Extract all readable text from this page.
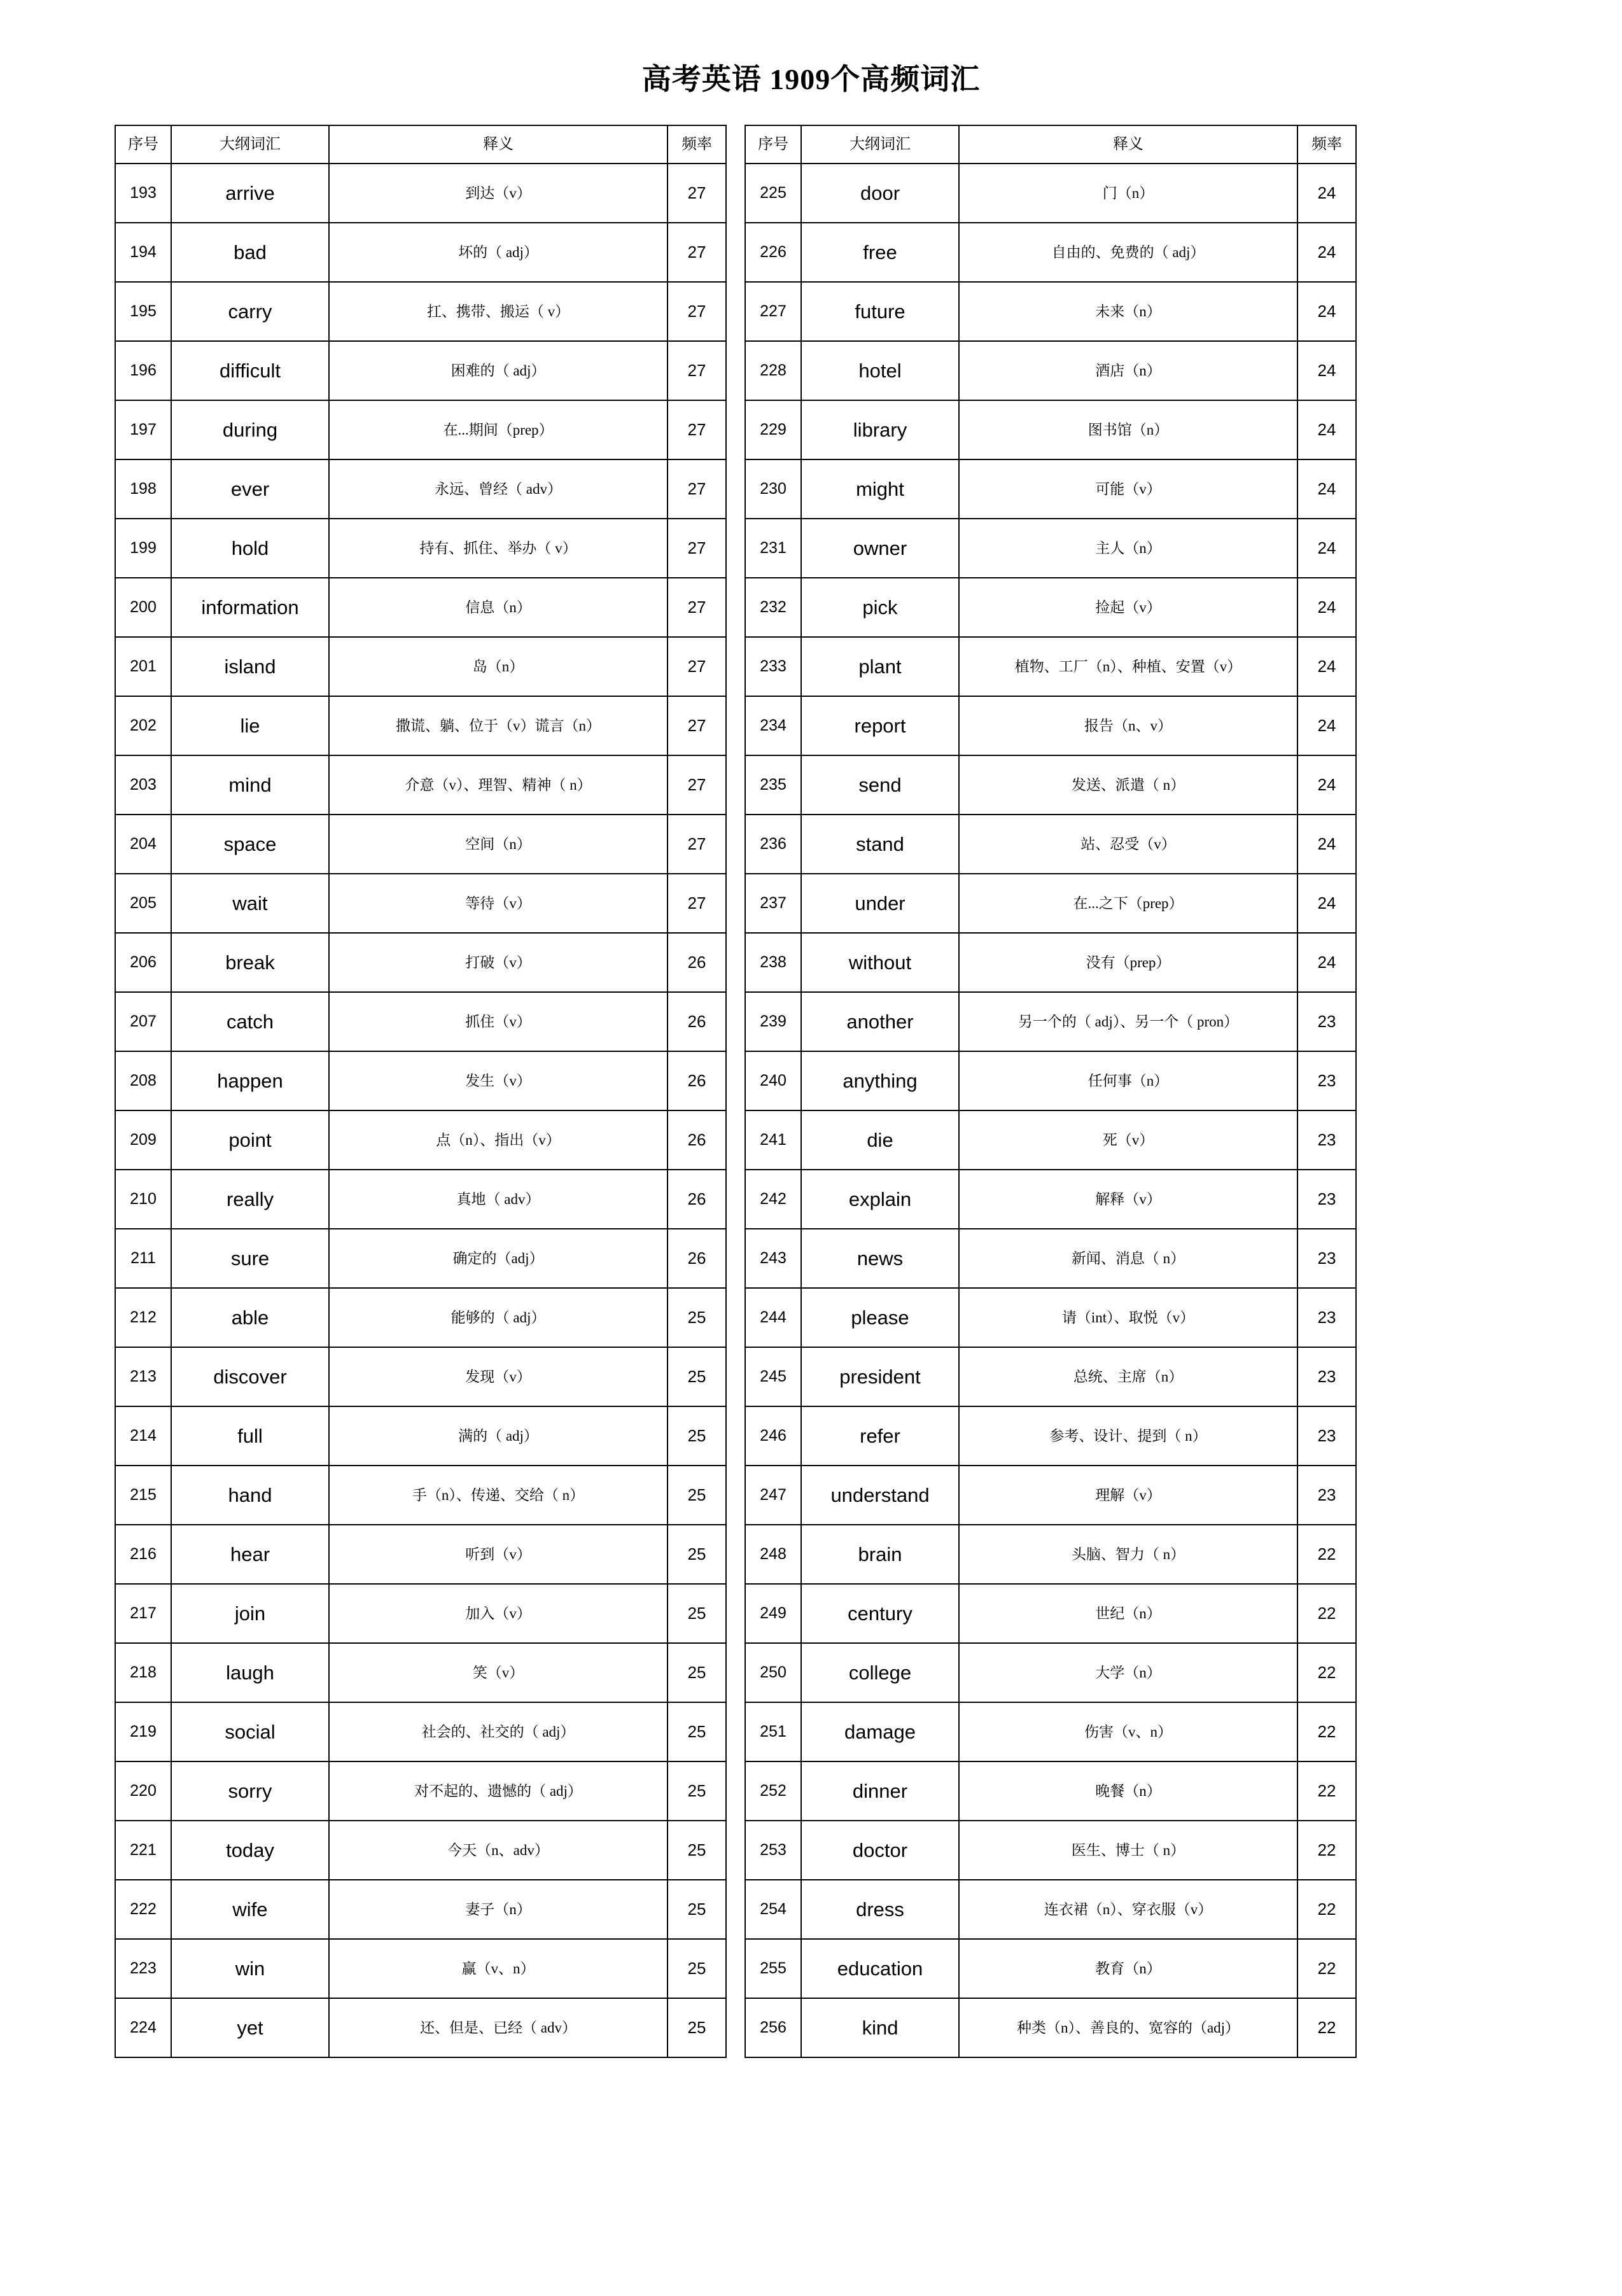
高考英语 1909个高频词汇
序号	大纲词汇	释义	频率
193	arrive	到达（v）	27
194	bad	坏的（ adj）	27
195	carry	扛、携带、搬运（ v）	27
196	difficult	困难的（ adj）	27
197	during	在...期间（prep）	27
198	ever	永远、曾经（ adv）	27
199	hold	持有、抓住、举办（ v）	27
200	information	信息（n）	27
201	island	岛（n）	27
202	lie	撒谎、躺、位于（v）谎言（n）	27
203	mind	介意（v）、理智、精神（ n）	27
204	space	空间（n）	27
205	wait	等待（v）	27
206	break	打破（v）	26
207	catch	抓住（v）	26
208	happen	发生（v）	26
209	point	点（n）、指出（v）	26
210	really	真地（ adv）	26
211	sure	确定的（adj）	26
212	able	能够的（ adj）	25
213	discover	发现（v）	25
214	full	满的（ adj）	25
215	hand	手（n）、传递、交给（ n）	25
216	hear	听到（v）	25
217	join	加入（v）	25
218	laugh	笑（v）	25
219	social	社会的、社交的（ adj）	25
220	sorry	对不起的、遗憾的（ adj）	25
221	today	今天（n、adv）	25
222	wife	妻子（n）	25
223	win	赢（v、n）	25
224	yet	还、但是、已经（ adv）	25
序号	大纲词汇	释义	频率
225	door	门（n）	24
226	free	自由的、免费的（ adj）	24
227	future	未来（n）	24
228	hotel	酒店（n）	24
229	library	图书馆（n）	24
230	might	可能（v）	24
231	owner	主人（n）	24
232	pick	捡起（v）	24
233	plant	植物、工厂（n）、种植、安置（v）	24
234	report	报告（n、v）	24
235	send	发送、派遣（ n）	24
236	stand	站、忍受（v）	24
237	under	在...之下（prep）	24
238	without	没有（prep）	24
239	another	另一个的（ adj）、另一个（ pron）	23
240	anything	任何事（n）	23
241	die	死（v）	23
242	explain	解释（v）	23
243	news	新闻、消息（ n）	23
244	please	请（int）、取悦（v）	23
245	president	总统、主席（n）	23
246	refer	参考、设计、提到（ n）	23
247	understand	理解（v）	23
248	brain	头脑、智力（ n）	22
249	century	世纪（n）	22
250	college	大学（n）	22
251	damage	伤害（v、n）	22
252	dinner	晚餐（n）	22
253	doctor	医生、博士（ n）	22
254	dress	连衣裙（n）、穿衣服（v）	22
255	education	教育（n）	22
256	kind	种类（n）、善良的、宽容的（adj）	22
